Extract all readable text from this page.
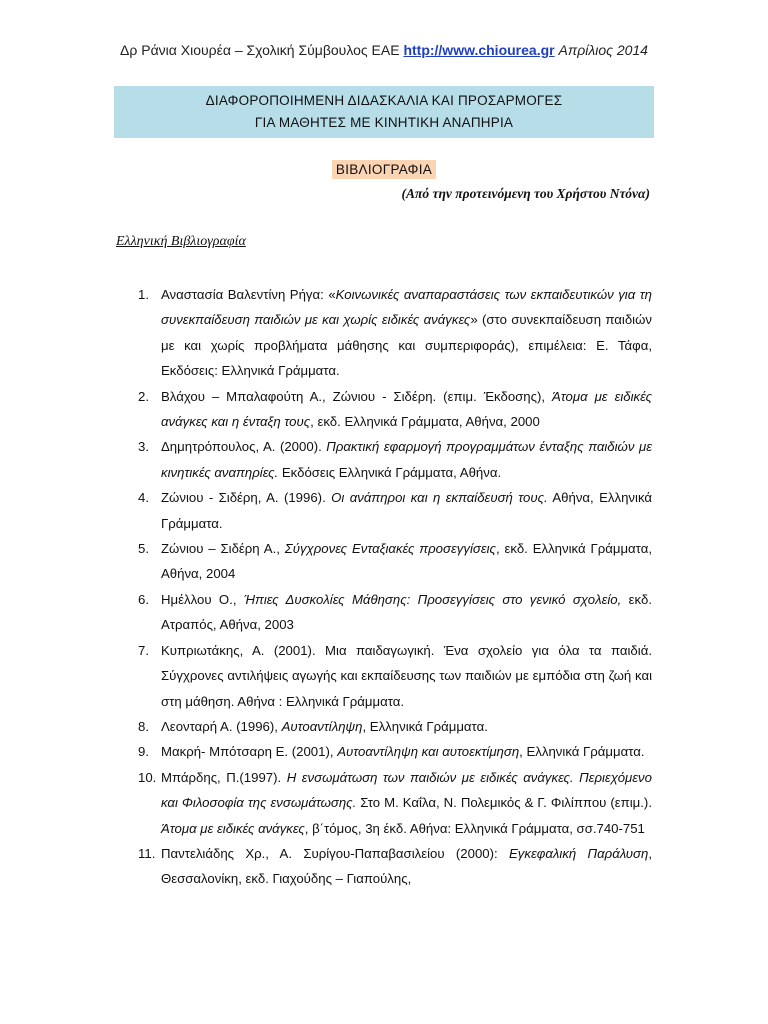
Δρ Ράνια Χιουρέα – Σχολική Σύμβουλος ΕΑΕ http://www.chiourea.gr Απρίλιος 2014
ΔΙΑΦΟΡΟΠΟΙΗΜΕΝΗ ΔΙΔΑΣΚΑΛΙΑ ΚΑΙ ΠΡΟΣΑΡΜΟΓΕΣ
ΓΙΑ ΜΑΘΗΤΕΣ ΜΕ ΚΙΝΗΤΙΚΗ ΑΝΑΠΗΡΙΑ
ΒΙΒΛΙΟΓΡΑΦΙΑ
(Από την προτεινόμενη του Χρήστου Ντόνα)
Ελληνική Βιβλιογραφία
1. Αναστασία Βαλεντίνη Ρήγα: «Κοινωνικές αναπαραστάσεις των εκπαιδευτικών για τη συνεκπαίδευση παιδιών με και χωρίς ειδικές ανάγκες» (στο συνεκπαίδευση παιδιών με και χωρίς προβλήματα μάθησης και συμπεριφοράς), επιμέλεια: Ε. Τάφα, Εκδόσεις: Ελληνικά Γράμματα.
2. Βλάχου – Μπαλαφούτη Α., Ζώνιου - Σιδέρη. (επιμ. Έκδοσης), Άτομα με ειδικές ανάγκες και η ένταξη τους, εκδ. Ελληνικά Γράμματα, Αθήνα, 2000
3. Δημητρόπουλος, Α. (2000). Πρακτική εφαρμογή προγραμμάτων ένταξης παιδιών με κινητικές αναπηρίες. Εκδόσεις Ελληνικά Γράμματα, Αθήνα.
4. Ζώνιου - Σιδέρη, Α. (1996). Οι ανάπηροι και η εκπαίδευσή τους. Αθήνα, Ελληνικά Γράμματα.
5. Ζώνιου – Σιδέρη Α., Σύγχρονες Ενταξιακές προσεγγίσεις, εκδ. Ελληνικά Γράμματα, Αθήνα, 2004
6. Ημέλλου Ο., Ήπιες Δυσκολίες Μάθησης: Προσεγγίσεις στο γενικό σχολείο, εκδ. Ατραπός, Αθήνα, 2003
7. Κυπριωτάκης, Α. (2001). Μια παιδαγωγική. Ένα σχολείο για όλα τα παιδιά. Σύγχρονες αντιλήψεις αγωγής και εκπαίδευσης των παιδιών με εμπόδια στη ζωή και στη μάθηση. Αθήνα : Ελληνικά Γράμματα.
8. Λεονταρή Α. (1996), Αυτοαντίληψη, Ελληνικά Γράμματα.
9. Μακρή- Μπότσαρη Ε. (2001), Αυτοαντίληψη και αυτοεκτίμηση, Ελληνικά Γράμματα.
10. Μπάρδης, Π.(1997). Η ενσωμάτωση των παιδιών με ειδικές ανάγκες. Περιεχόμενο και Φιλοσοφία της ενσωμάτωσης. Στο Μ. Καΐλα, Ν. Πολεμικός & Γ. Φιλίππου (επιμ.). Άτομα με ειδικές ανάγκες, β΄τόμος, 3η έκδ. Αθήνα: Ελληνικά Γράμματα, σσ.740-751
11. Παντελιάδης Χρ., Α. Συρίγου-Παπαβασιλείου (2000): Εγκεφαλική Παράλυση, Θεσσαλονίκη, εκδ. Γιαχούδης – Γιαπούλης,
